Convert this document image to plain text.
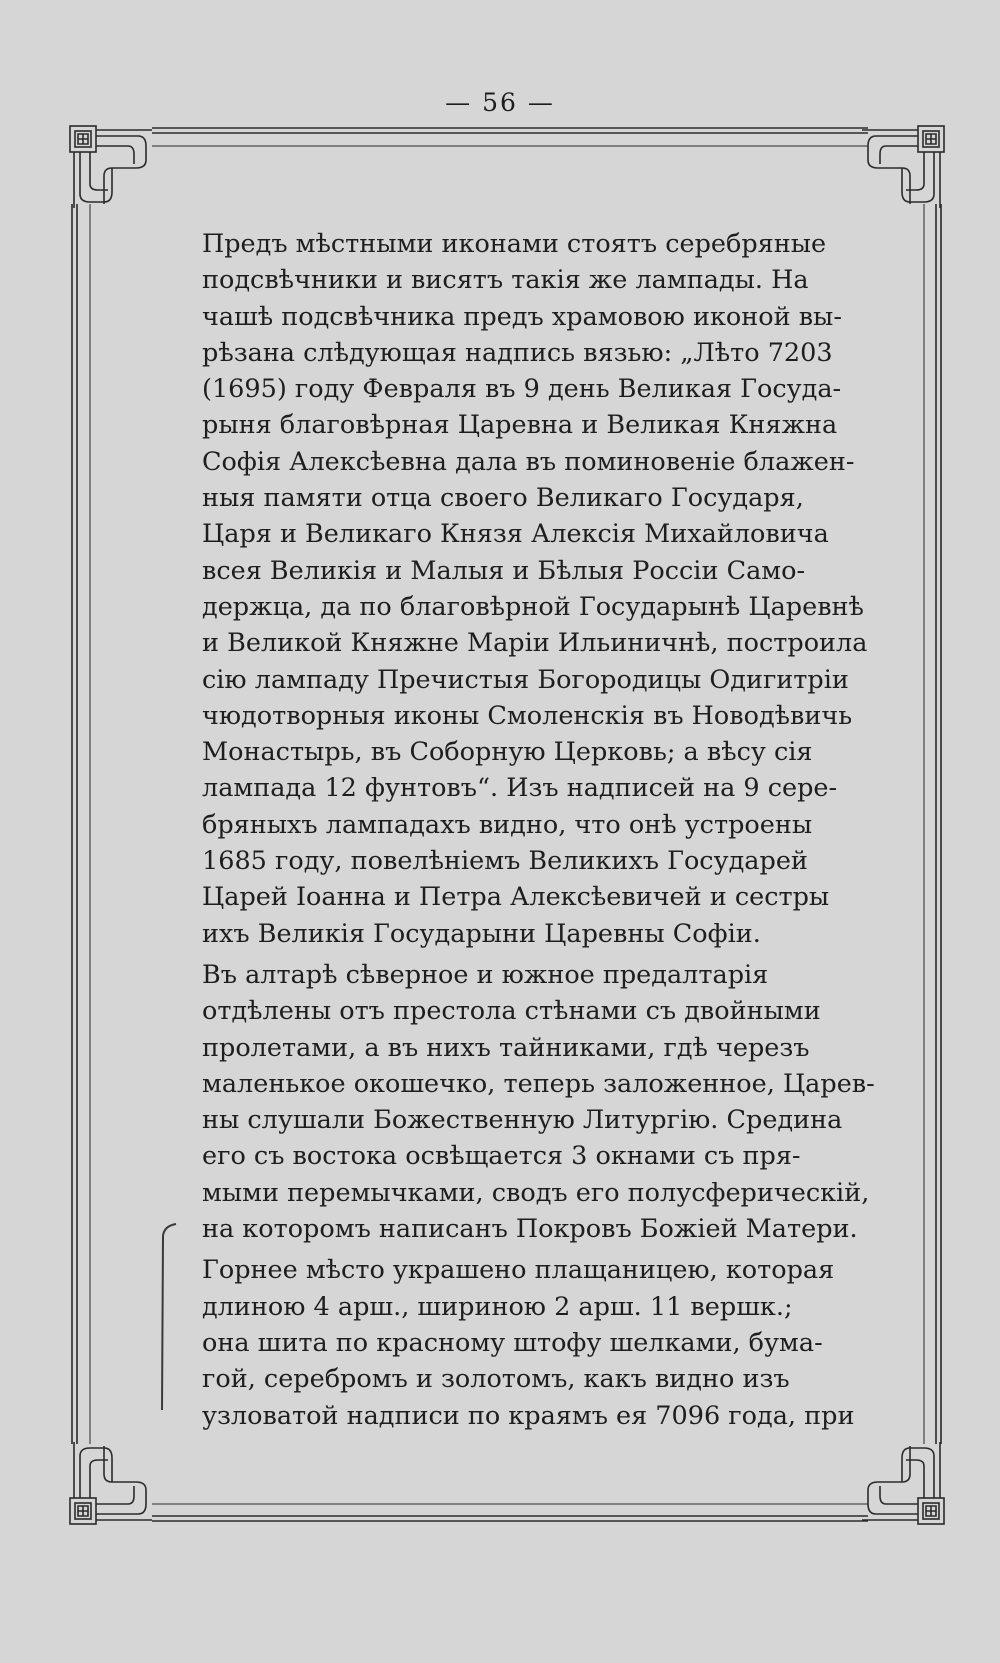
— 56 —

Предъ мѣстными иконами стоятъ серебряные
подсвѣчники и висятъ такія же лампады. На
чашѣ подсвѣчника предъ храмовою иконой вы-
рѣзана слѣдующая надпись вязью: „Лѣто 7203
(1695) году Февраля въ 9 день Великая Госуда-
рыня благовѣрная Царевна и Великая Княжна
Софія Алексѣевна дала въ поминовеніе блажен-
ныя памяти отца своего Великаго Государя,
Царя и Великаго Князя Алексія Михайловича
всея Великія и Малыя и Бѣлыя Россіи Само-
держца, да по благовѣрной Государынѣ Царевнѣ
и Великой Княжне Маріи Ильиничнѣ, построила
сію лампаду Пречистыя Богородицы Одигитріи
чюдотворныя иконы Смоленскія въ Новодѣвичь
Монастырь, въ Соборную Церковь; а вѣсу сія
лампада 12 фунтовъ“. Изъ надписей на 9 сере-
бряныхъ лампадахъ видно, что онѣ устроены
1685 году, повелѣніемъ Великихъ Государей
Царей Іоанна и Петра Алексѣевичей и сестры
ихъ Великія Государыни Царевны Софіи.

Въ алтарѣ сѣверное и южное предалтарія
отдѣлены отъ престола стѣнами съ двойными
пролетами, а въ нихъ тайниками, гдѣ черезъ
маленькое окошечко, теперь заложенное, Царев-
ны слушали Божественную Литургію. Средина
его съ востока освѣщается 3 окнами съ пря-
мыми перемычками, сводъ его полусферическій,
на которомъ написанъ Покровъ Божіей Матери.

Горнее мѣсто украшено плащаницею, которая
длиною 4 арш., шириною 2 арш. 11 вершк.;
она шита по красному штофу шелками, бума-
гой, серебромъ и золотомъ, какъ видно изъ
узловатой надписи по краямъ ея 7096 года, при
